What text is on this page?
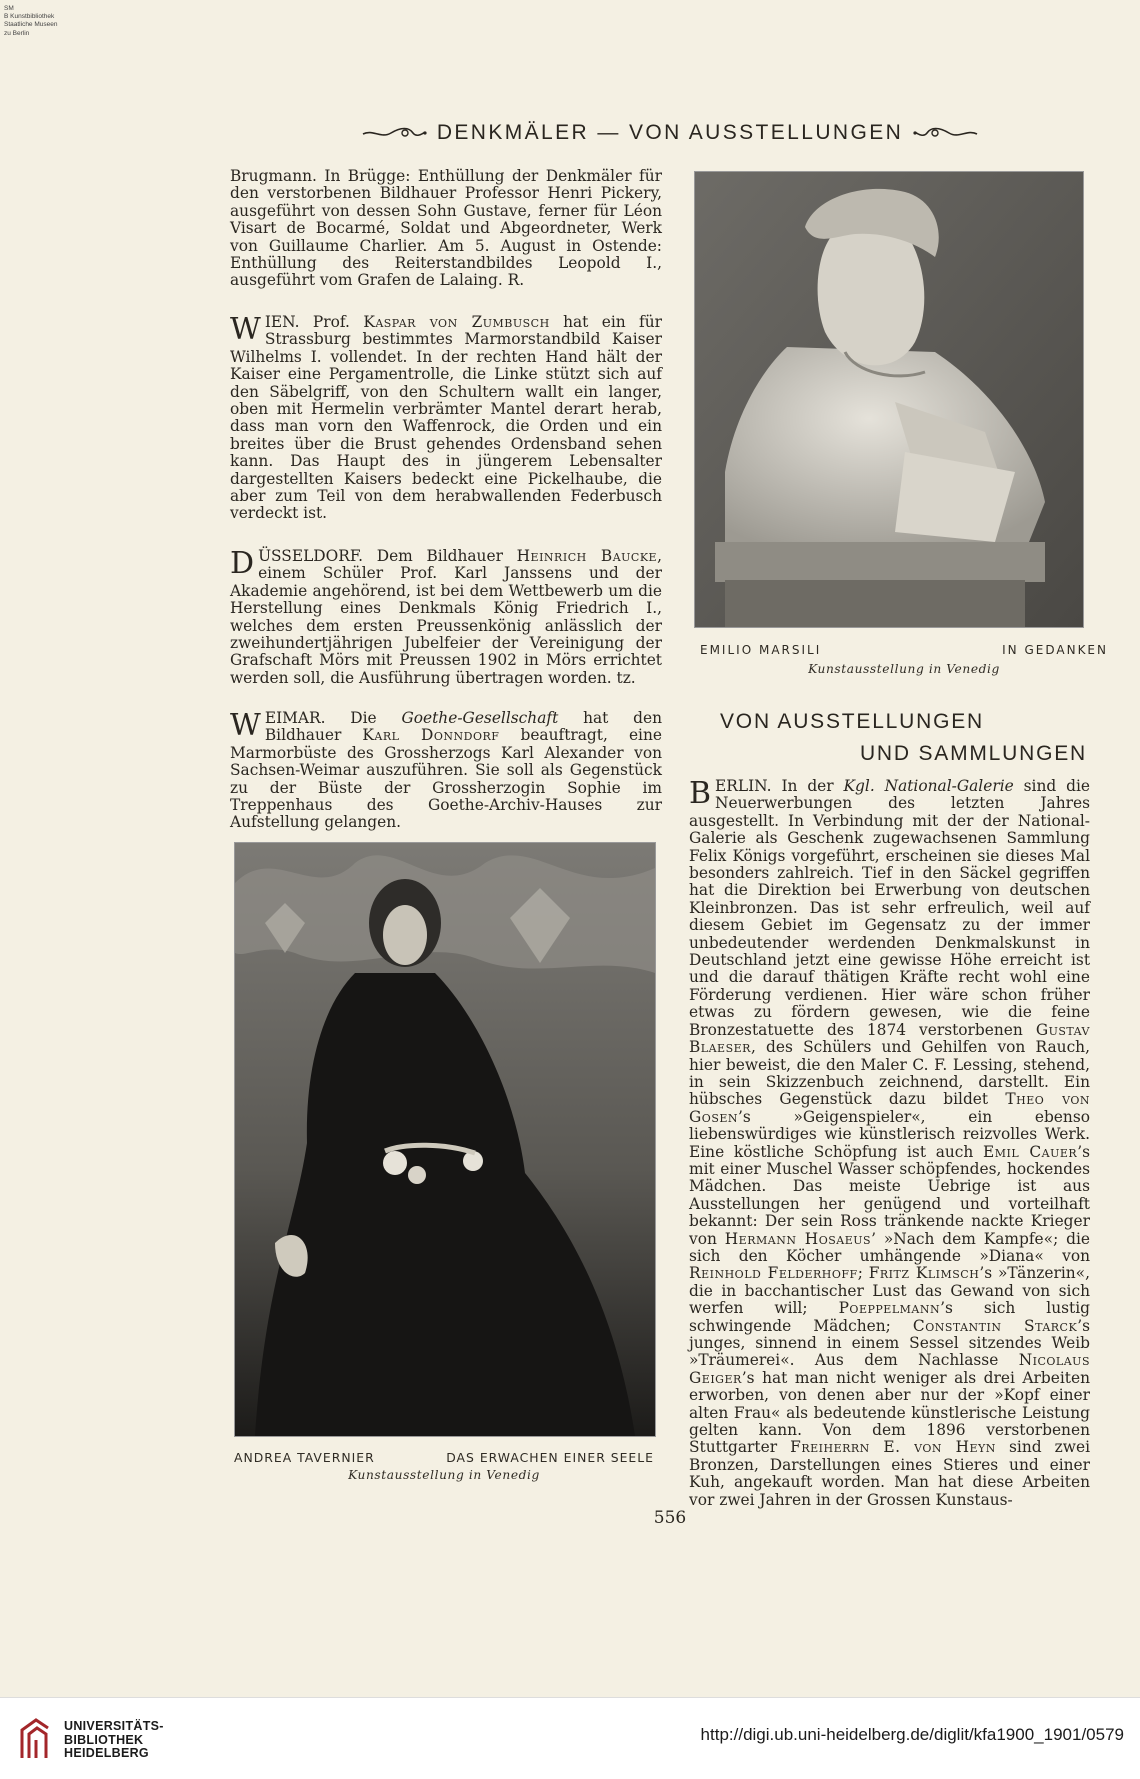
SM
B Kunstbibliothek
Staatliche Museen
zu Berlin
DENKMÄLER — VON AUSSTELLUNGEN

Brugmann. In Brügge: Enthüllung der Denkmäler für den verstorbenen Bildhauer Professor Henri Pickery, ausgeführt von dessen Sohn Gustave, ferner für Léon Visart de Bocarmé, Soldat und Abgeordneter, Werk von Guillaume Charlier. Am 5. August in Ostende: Enthüllung des Reiterstandbildes Leopold I., ausgeführt vom Grafen de Lalaing. R.

WIEN. Prof. Kaspar von Zumbusch hat ein für Strassburg bestimmtes Marmorstandbild Kaiser Wilhelms I. vollendet. In der rechten Hand hält der Kaiser eine Pergamentrolle, die Linke stützt sich auf den Säbelgriff, von den Schultern wallt ein langer, oben mit Hermelin verbrämter Mantel derart herab, dass man vorn den Waffenrock, die Orden und ein breites über die Brust gehendes Ordensband sehen kann. Das Haupt des in jüngerem Lebensalter dargestellten Kaisers bedeckt eine Pickelhaube, die aber zum Teil von dem herabwallenden Federbusch verdeckt ist.

DÜSSELDORF. Dem Bildhauer Heinrich Baucke, einem Schüler Prof. Karl Janssens und der Akademie angehörend, ist bei dem Wettbewerb um die Herstellung eines Denkmals König Friedrich I., welches dem ersten Preussenkönig anlässlich der zweihundertjährigen Jubelfeier der Vereinigung der Grafschaft Mörs mit Preussen 1902 in Mörs errichtet werden soll, die Ausführung übertragen worden. tz.

WEIMAR. Die Goethe-Gesellschaft hat den Bildhauer Karl Donndorf beauftragt, eine Marmorbüste des Grossherzogs Karl Alexander von Sachsen-Weimar auszuführen. Sie soll als Gegenstück zu der Büste der Grossherzogin Sophie im Treppenhaus des Goethe-Archiv-Hauses zur Aufstellung gelangen.

EMILIO MARSILI	IN GEDANKEN
Kunstausstellung in Venedig
VON AUSSTELLUNGEN
UND SAMMLUNGEN

BERLIN. In der Kgl. National-Galerie sind die Neuerwerbungen des letzten Jahres ausgestellt. In Verbindung mit der der National-Galerie als Geschenk zugewachsenen Sammlung Felix Königs vorgeführt, erscheinen sie dieses Mal besonders zahlreich. Tief in den Säckel gegriffen hat die Direktion bei Erwerbung von deutschen Kleinbronzen. Das ist sehr erfreulich, weil auf diesem Gebiet im Gegensatz zu der immer unbedeutender werdenden Denkmalskunst in Deutschland jetzt eine gewisse Höhe erreicht ist und die darauf thätigen Kräfte recht wohl eine Förderung verdienen. Hier wäre schon früher etwas zu fördern gewesen, wie die feine Bronzestatuette des 1874 verstorbenen Gustav Blaeser, des Schülers und Gehilfen von Rauch, hier beweist, die den Maler C. F. Lessing, stehend, in sein Skizzenbuch zeichnend, darstellt. Ein hübsches Gegenstück dazu bildet Theo von Gosen’s »Geigenspieler«, ein ebenso liebenswürdiges wie künstlerisch reizvolles Werk. Eine köstliche Schöpfung ist auch Emil Cauer’s mit einer Muschel Wasser schöpfendes, hockendes Mädchen. Das meiste Uebrige ist aus Ausstellungen her genügend und vorteilhaft bekannt: Der sein Ross tränkende nackte Krieger von Hermann Hosaeus’ »Nach dem Kampfe«; die sich den Köcher umhängende »Diana« von Reinhold Felderhoff; Fritz Klimsch’s »Tänzerin«, die in bacchantischer Lust das Gewand von sich werfen will; Poeppelmann’s sich lustig schwingende Mädchen; Constantin Starck’s junges, sinnend in einem Sessel sitzendes Weib »Träumerei«. Aus dem Nachlasse Nicolaus Geiger’s hat man nicht weniger als drei Arbeiten erworben, von denen aber nur der »Kopf einer alten Frau« als bedeutende künstlerische Leistung gelten kann. Von dem 1896 verstorbenen Stuttgarter Freiherrn E. von Heyn sind zwei Bronzen, Darstellungen eines Stieres und einer Kuh, angekauft worden. Man hat diese Arbeiten vor zwei Jahren in der Grossen Kunstaus-

ANDREA TAVERNIER	DAS ERWACHEN EINER SEELE
Kunstausstellung in Venedig
556
UNIVERSITÄTS-
BIBLIOTHEK
HEIDELBERG
http://digi.ub.uni-heidelberg.de/diglit/kfa1900_1901/0579
